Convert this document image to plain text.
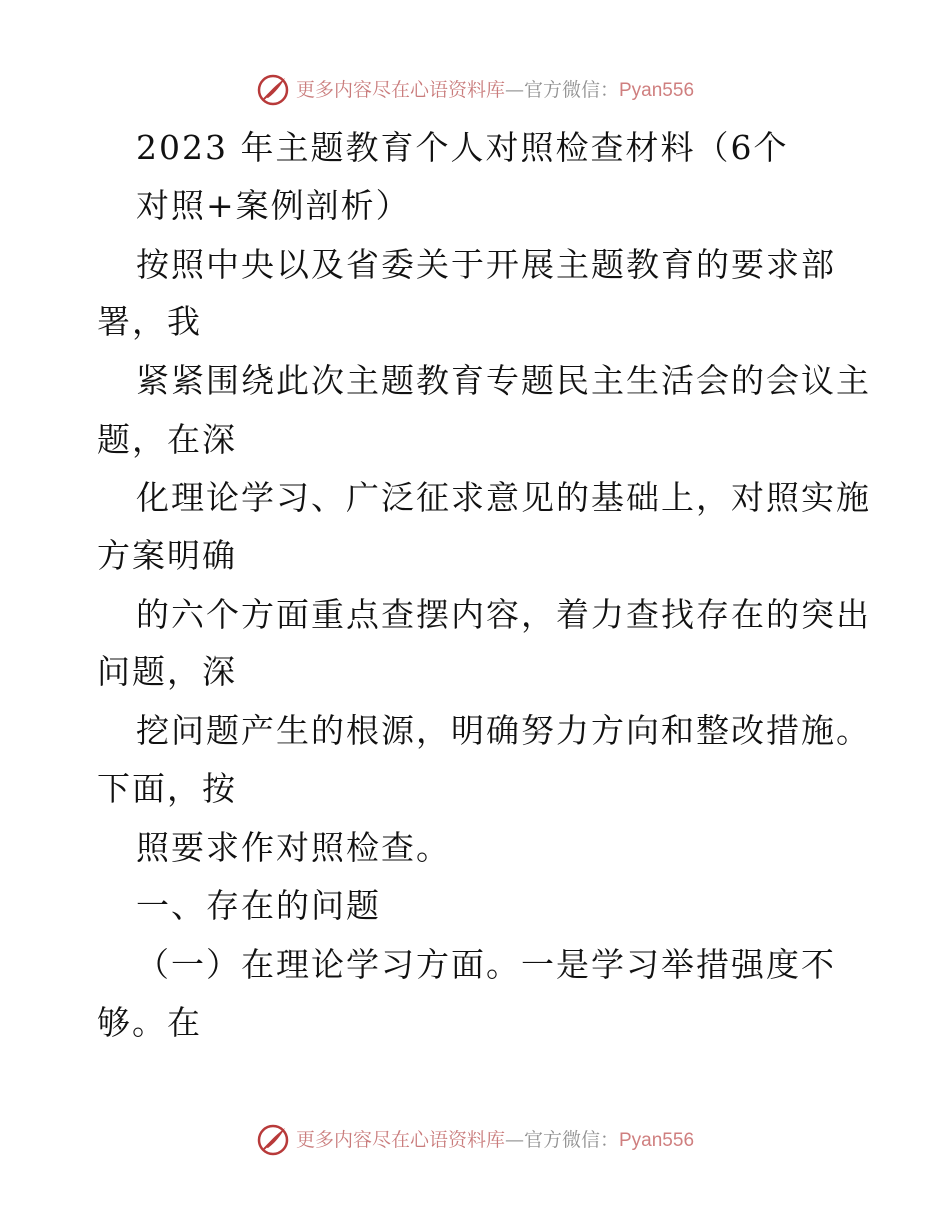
更多内容尽在心语资料库—官方微信：Pyan556
2023 年主题教育个人对照检查材料（6个
对照+案例剖析）
按照中央以及省委关于开展主题教育的要求部
署，我
紧紧围绕此次主题教育专题民主生活会的会议主
题，在深
化理论学习、广泛征求意见的基础上，对照实施
方案明确
的六个方面重点查摆内容，着力查找存在的突出
问题，深
挖问题产生的根源，明确努力方向和整改措施。
下面，按
照要求作对照检查。
一、存在的问题
（一）在理论学习方面。一是学习举措强度不
够。在
更多内容尽在心语资料库—官方微信：Pyan556
